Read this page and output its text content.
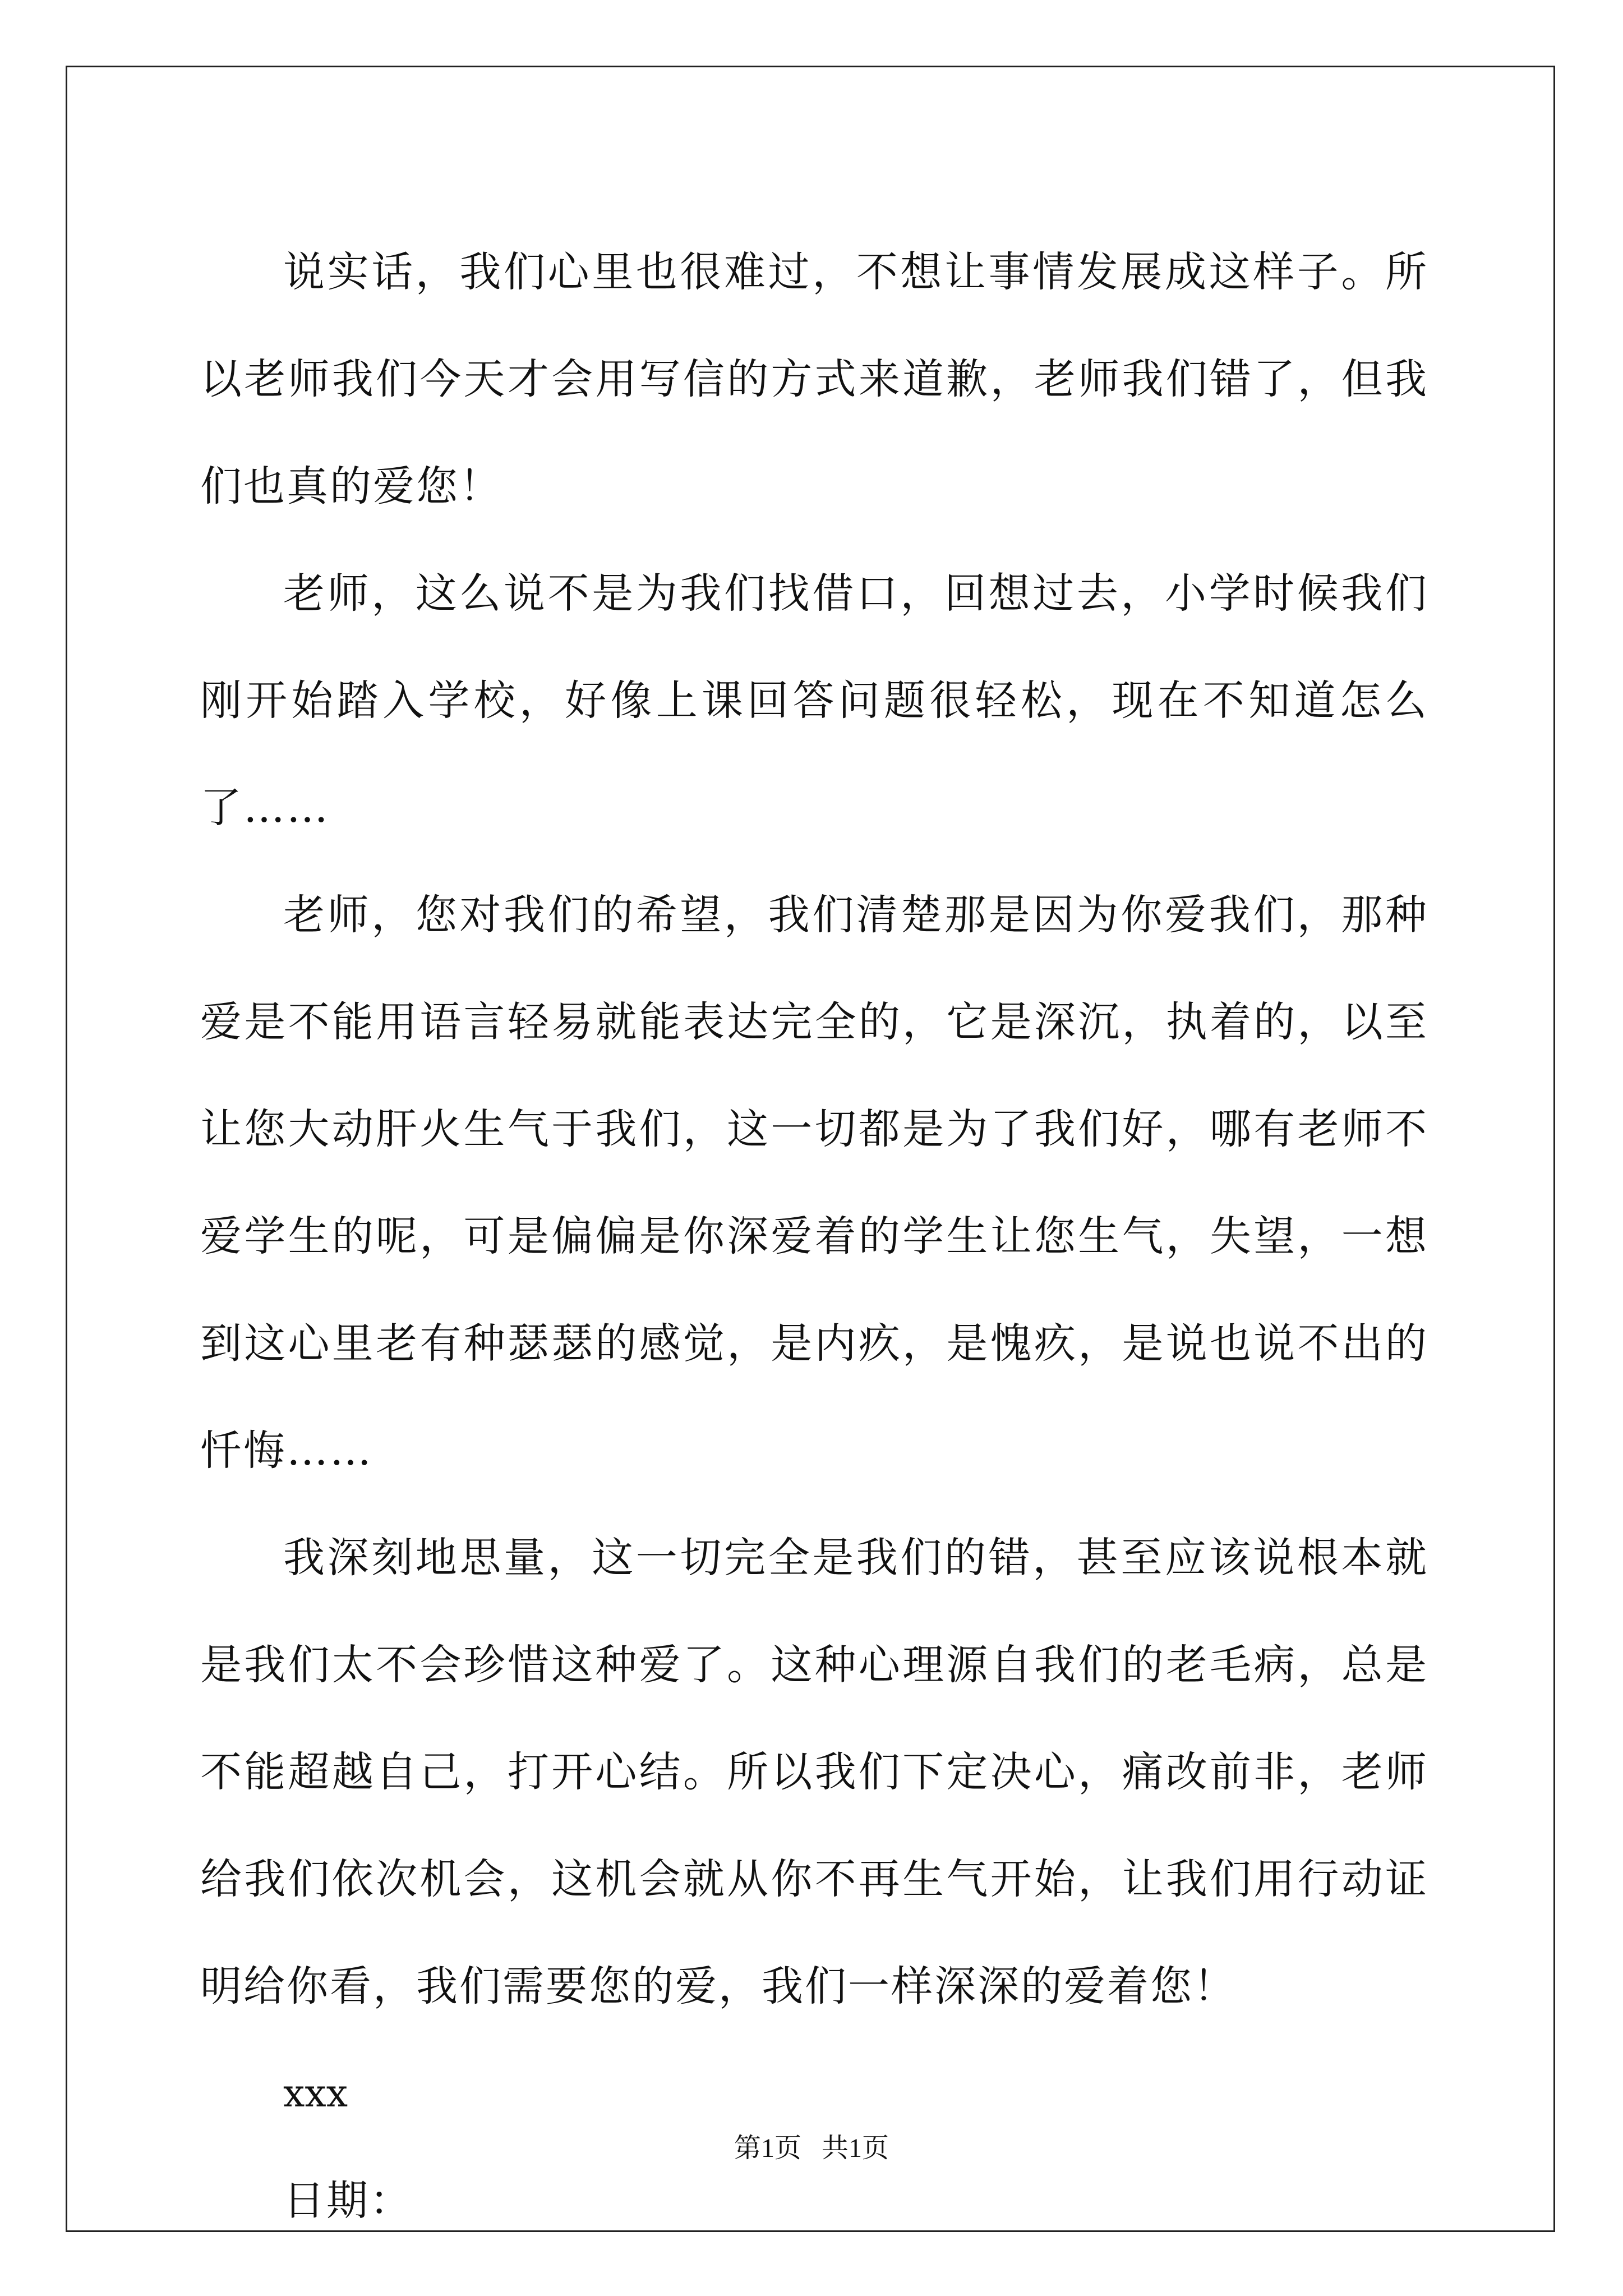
说实话，我们心里也很难过，不想让事情发展成这样子。所以老师我们今天才会用写信的方式来道歉，老师我们错了，但我们也真的爱您！

老师，这么说不是为我们找借口，回想过去，小学时候我们刚开始踏入学校，好像上课回答问题很轻松，现在不知道怎么了……

老师，您对我们的希望，我们清楚那是因为你爱我们，那种爱是不能用语言轻易就能表达完全的，它是深沉，执着的，以至让您大动肝火生气于我们，这一切都是为了我们好，哪有老师不爱学生的呢，可是偏偏是你深爱着的学生让您生气，失望，一想到这心里老有种瑟瑟的感觉，是内疚，是愧疚，是说也说不出的忏悔……

我深刻地思量，这一切完全是我们的错，甚至应该说根本就是我们太不会珍惜这种爱了。这种心理源自我们的老毛病，总是不能超越自己，打开心结。所以我们下定决心，痛改前非，老师给我们依次机会，这机会就从你不再生气开始，让我们用行动证明给你看，我们需要您的爱，我们一样深深的爱着您！

xxx

日期：

第1页 共1页
